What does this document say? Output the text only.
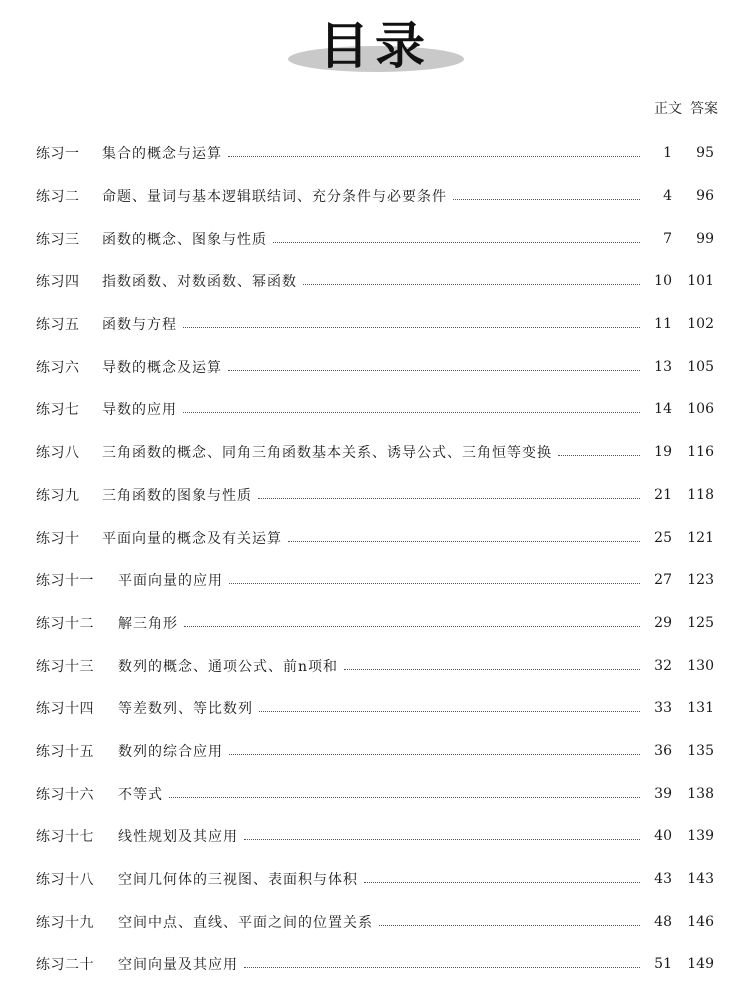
目录
正文 答案
练习一	集合的概念与运算	1	95
练习二	命题、量词与基本逻辑联结词、充分条件与必要条件	4	96
练习三	函数的概念、图象与性质	7	99
练习四	指数函数、对数函数、幂函数	10	101
练习五	函数与方程	11	102
练习六	导数的概念及运算	13	105
练习七	导数的应用	14	106
练习八	三角函数的概念、同角三角函数基本关系、诱导公式、三角恒等变换	19	116
练习九	三角函数的图象与性质	21	118
练习十	平面向量的概念及有关运算	25	121
练习十一	平面向量的应用	27	123
练习十二	解三角形	29	125
练习十三	数列的概念、通项公式、前n项和	32	130
练习十四	等差数列、等比数列	33	131
练习十五	数列的综合应用	36	135
练习十六	不等式	39	138
练习十七	线性规划及其应用	40	139
练习十八	空间几何体的三视图、表面积与体积	43	143
练习十九	空间中点、直线、平面之间的位置关系	48	146
练习二十	空间向量及其应用	51	149
